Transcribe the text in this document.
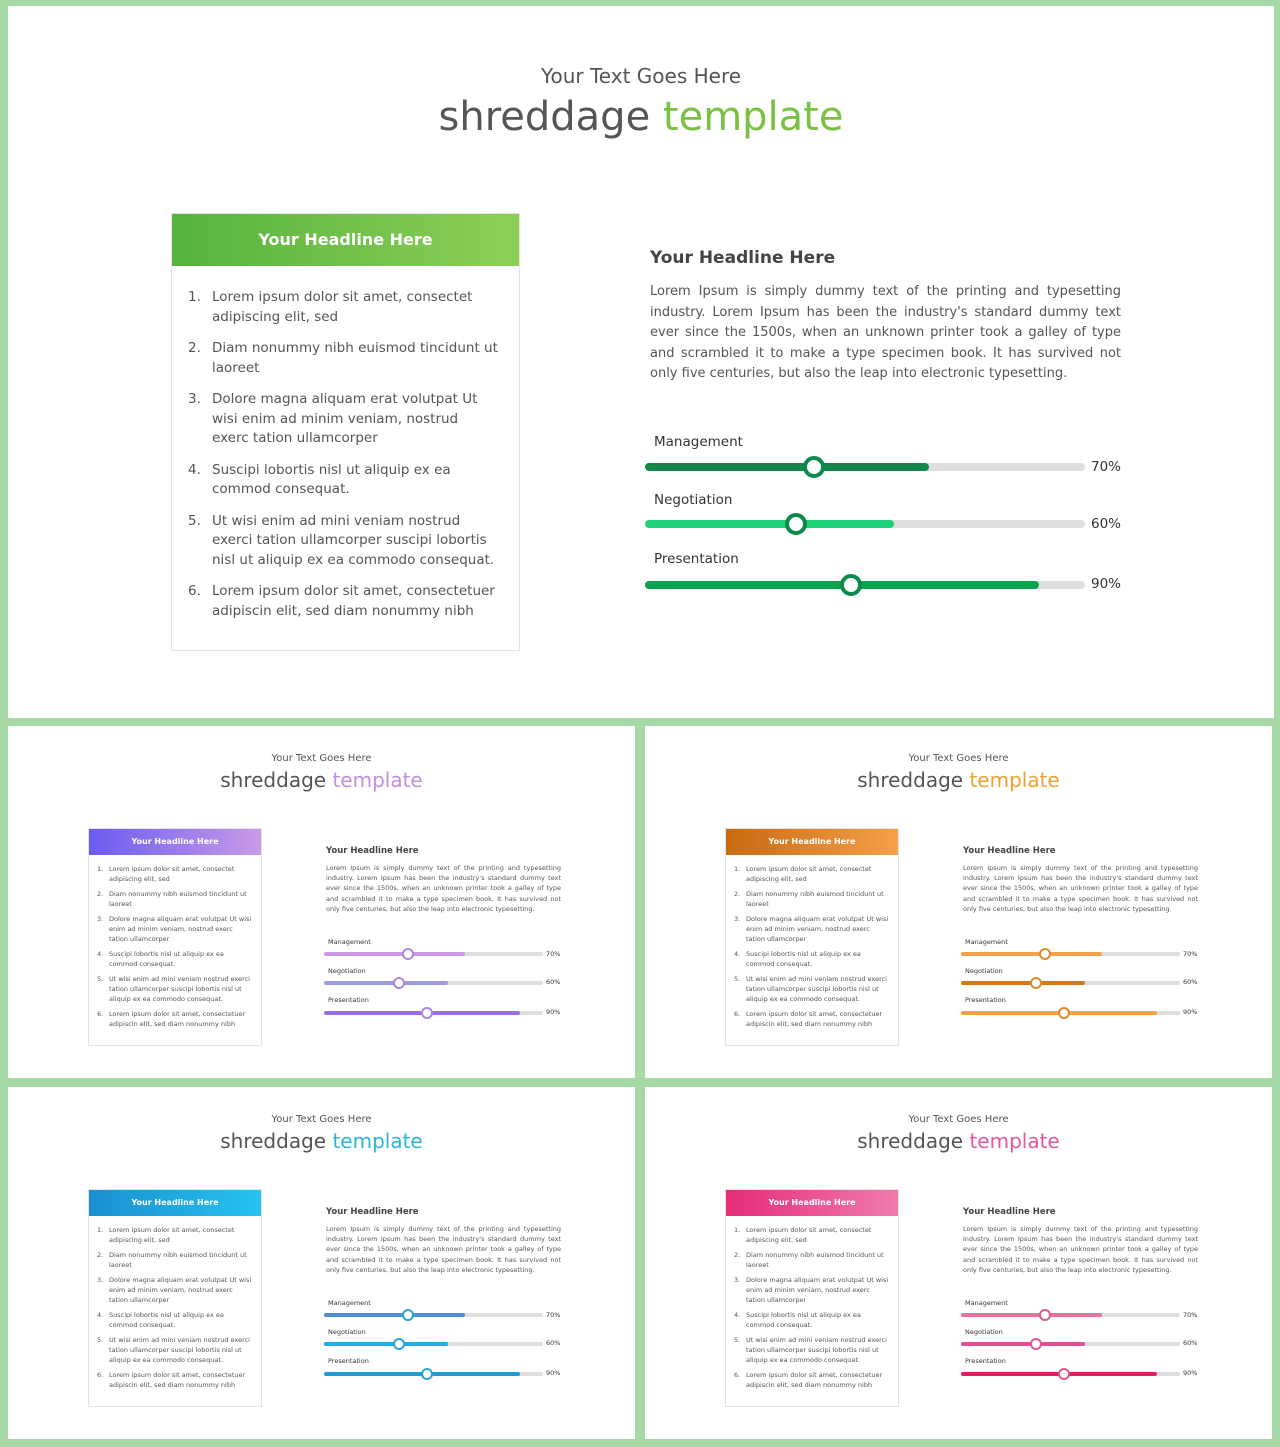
Your Text Goes Here
shreddage template
Your Headline Here
1. Lorem ipsum dolor sit amet, consectet adipiscing elit, sed
2. Diam nonummy nibh euismod tincidunt ut laoreet
3. Dolore magna aliquam erat volutpat Ut wisi enim ad minim veniam, nostrud exerc tation ullamcorper
4. Suscipi lobortis nisl ut aliquip ex ea commod consequat.
5. Ut wisi enim ad mini veniam nostrud exerci tation ullamcorper suscipi lobortis nisl ut aliquip ex ea commodo consequat.
6. Lorem ipsum dolor sit amet, consectetuer adipiscin elit, sed diam nonummy nibh
Your Headline Here
Lorem Ipsum is simply dummy text of the printing and typesetting industry. Lorem Ipsum has been the industry's standard dummy text ever since the 1500s, when an unknown printer took a galley of type and scrambled it to make a type specimen book. It has survived not only five centuries, but also the leap into electronic typesetting.
Management
70%
Negotiation
60%
Presentation
90%
Your Text Goes Here
shreddage template
Your Headline Here
1. Lorem ipsum dolor sit amet, consectet adipiscing elit, sed
2. Diam nonummy nibh euismod tincidunt ut laoreet
3. Dolore magna aliquam erat volutpat Ut wisi enim ad minim veniam, nostrud exerc tation ullamcorper
4. Suscipi lobortis nisl ut aliquip ex ea commod consequat.
5. Ut wisi enim ad mini veniam nostrud exerci tation ullamcorper suscipi lobortis nisl ut aliquip ex ea commodo consequat.
6. Lorem ipsum dolor sit amet, consectetuer adipiscin elit, sed diam nonummy nibh
Your Headline Here
Lorem Ipsum is simply dummy text of the printing and typesetting industry. Lorem Ipsum has been the industry's standard dummy text ever since the 1500s, when an unknown printer took a galley of type and scrambled it to make a type specimen book. It has survived not only five centuries, but also the leap into electronic typesetting.
Management
70%
Negotiation
60%
Presentation
90%
Your Text Goes Here
shreddage template
Your Headline Here
1. Lorem ipsum dolor sit amet, consectet adipiscing elit, sed
2. Diam nonummy nibh euismod tincidunt ut laoreet
3. Dolore magna aliquam erat volutpat Ut wisi enim ad minim veniam, nostrud exerc tation ullamcorper
4. Suscipi lobortis nisl ut aliquip ex ea commod consequat.
5. Ut wisi enim ad mini veniam nostrud exerci tation ullamcorper suscipi lobortis nisl ut aliquip ex ea commodo consequat.
6. Lorem ipsum dolor sit amet, consectetuer adipiscin elit, sed diam nonummy nibh
Your Headline Here
Lorem Ipsum is simply dummy text of the printing and typesetting industry. Lorem Ipsum has been the industry's standard dummy text ever since the 1500s, when an unknown printer took a galley of type and scrambled it to make a type specimen book. It has survived not only five centuries, but also the leap into electronic typesetting.
Management
70%
Negotiation
60%
Presentation
90%
Your Text Goes Here
shreddage template
Your Headline Here
1. Lorem ipsum dolor sit amet, consectet adipiscing elit, sed
2. Diam nonummy nibh euismod tincidunt ut laoreet
3. Dolore magna aliquam erat volutpat Ut wisi enim ad minim veniam, nostrud exerc tation ullamcorper
4. Suscipi lobortis nisl ut aliquip ex ea commod consequat.
5. Ut wisi enim ad mini veniam nostrud exerci tation ullamcorper suscipi lobortis nisl ut aliquip ex ea commodo consequat.
6. Lorem ipsum dolor sit amet, consectetuer adipiscin elit, sed diam nonummy nibh
Your Headline Here
Lorem Ipsum is simply dummy text of the printing and typesetting industry. Lorem Ipsum has been the industry's standard dummy text ever since the 1500s, when an unknown printer took a galley of type and scrambled it to make a type specimen book. It has survived not only five centuries, but also the leap into electronic typesetting.
Management
70%
Negotiation
60%
Presentation
90%
Your Text Goes Here
shreddage template
Your Headline Here
1. Lorem ipsum dolor sit amet, consectet adipiscing elit, sed
2. Diam nonummy nibh euismod tincidunt ut laoreet
3. Dolore magna aliquam erat volutpat Ut wisi enim ad minim veniam, nostrud exerc tation ullamcorper
4. Suscipi lobortis nisl ut aliquip ex ea commod consequat.
5. Ut wisi enim ad mini veniam nostrud exerci tation ullamcorper suscipi lobortis nisl ut aliquip ex ea commodo consequat.
6. Lorem ipsum dolor sit amet, consectetuer adipiscin elit, sed diam nonummy nibh
Your Headline Here
Lorem Ipsum is simply dummy text of the printing and typesetting industry. Lorem Ipsum has been the industry's standard dummy text ever since the 1500s, when an unknown printer took a galley of type and scrambled it to make a type specimen book. It has survived not only five centuries, but also the leap into electronic typesetting.
Management
70%
Negotiation
60%
Presentation
90%
